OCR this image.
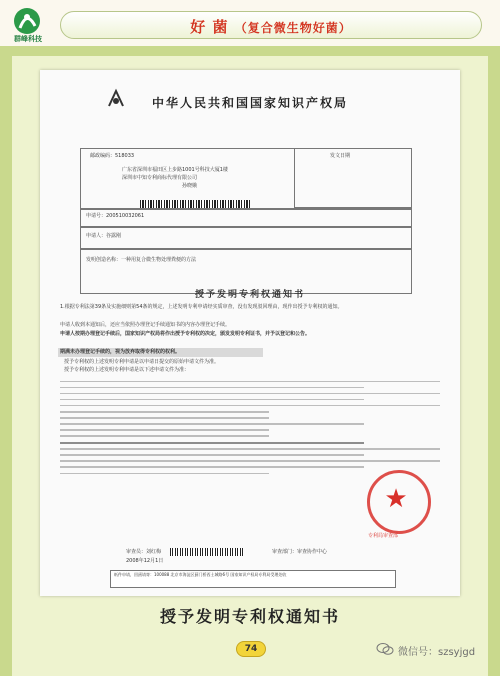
群峰科技
好 菌 （复合微生物好菌）
中华人民共和国国家知识产权局
发文日期
邮政编码：518033
广东省深圳市福田区上步路1001号科技大厦1楼
深圳市中知专利商标代理有限公司
孙晓娥
申请号：200510032061
申请人：谷露刚
发明创造名称：一种用复合微生物处理粪便的方法
授予发明专利权通知书
1.根据专利法第39条及实施细则第54条的规定，上述发明专利申请经实质审查，没有发现驳回理由，现作出授予专利权的通知。
申请人收到本通知后，还应当依照办理登记手续通知书的内容办理登记手续。
申请人按期办理登记手续后，国家知识产权局将作出授予专利权的决定，颁发发明专利证书，并予以登记和公告。
期满未办理登记手续的，视为放弃取得专利权的权利。
授予专利权的上述发明专利申请是以申请日提交的原始申请文件为准。
授予专利权的上述发明专利申请是以下述申请文件为准：
★
专利局审查部
审查员：刘红梅
2008年12月1日
审查部门：审查协作中心
纸件申请，回函请寄：100088 北京市海淀区蓟门桥西土城路6号 国家知识产权局专利局受理处收
授予发明专利权通知书
74	微信号：szsyjgd
